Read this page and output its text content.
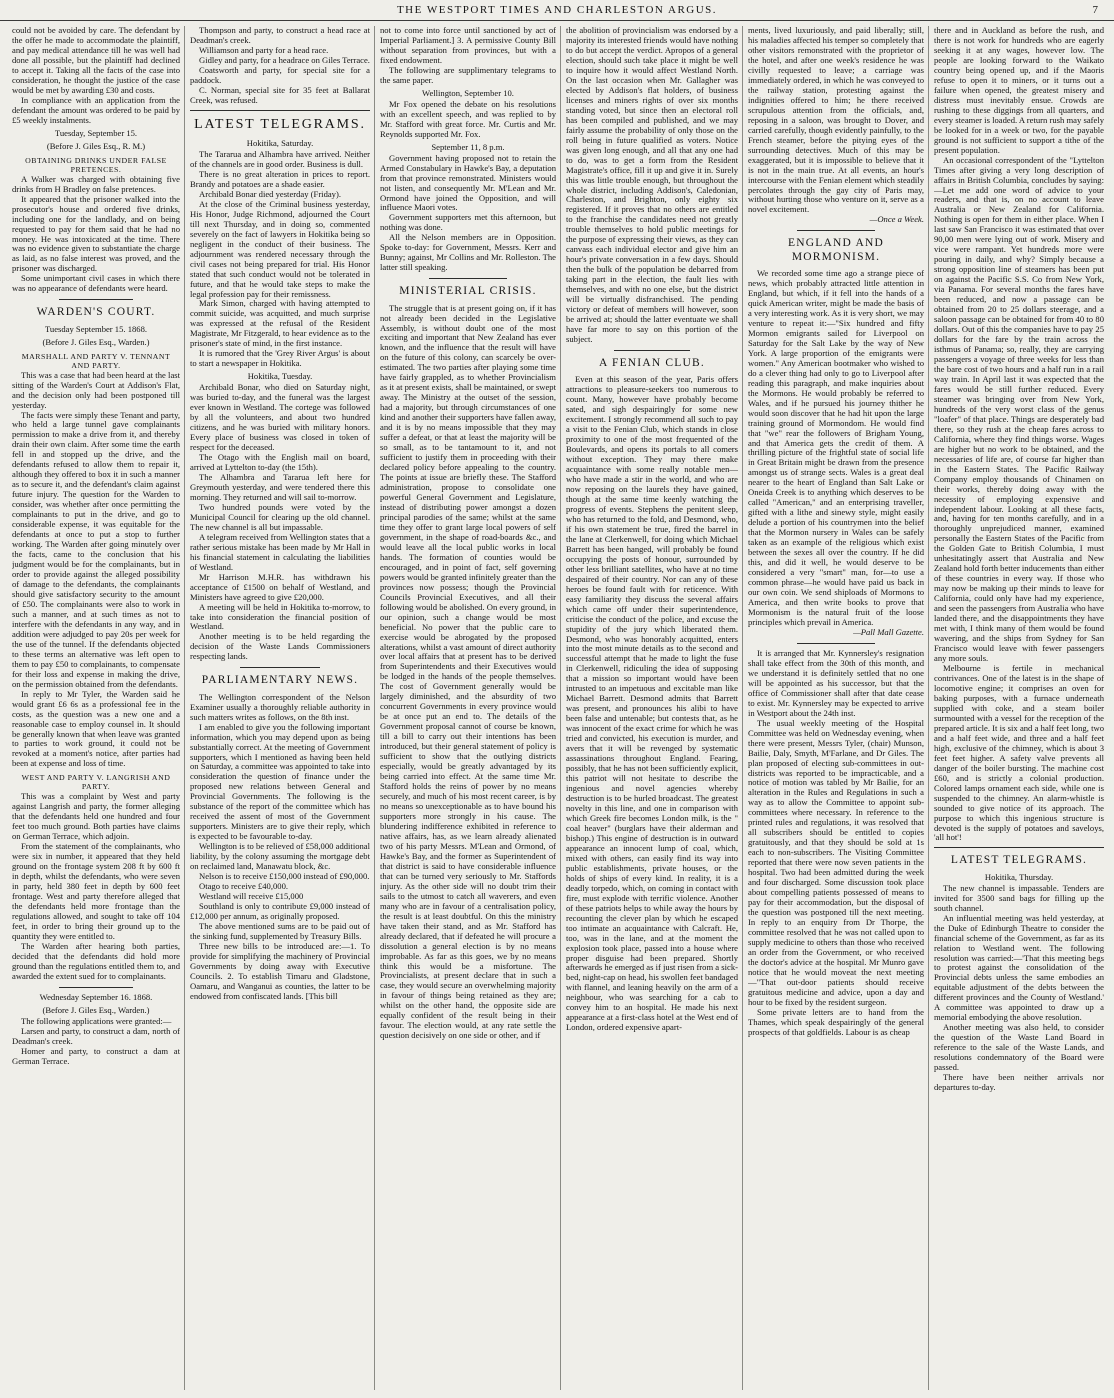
THE WESTPORT TIMES AND CHARLESTON ARGUS.	7

could not be avoided by care. The defendant by the offer he made to accommodate the plaintiff, and pay medical attendance till he was well had done all possible, but the plaintiff had declined to accept it. Taking all the facts of the case into consideration, he thought the justice of the case would be met by awarding £30 and costs.

In compliance with an application from the defendant the amount was ordered to be paid by £5 weekly instalments.

Tuesday, September 15.

(Before J. Giles Esq., R. M.)

OBTAINING DRINKS UNDER FALSE PRETENCES.

A Walker was charged with obtaining five drinks from H Bradley on false pretences.

It appeared that the prisoner walked into the prosecutor's house and ordered five drinks, including one for the landlady, and on being requested to pay for them said that he had no money. He was intoxicated at the time. There was no evidence given to substantiate the charge as laid, as no false interest was proved, and the prisoner was discharged.

Some unimportant civil cases in which there was no appearance of defendants were heard.

WARDEN'S COURT.

Tuesday September 15. 1868.

(Before J. Giles Esq., Warden.)

MARSHALL AND PARTY V. TENNANT AND PARTY.

This was a case that had been heard at the last sitting of the Warden's Court at Addison's Flat, and the decision only had been postponed till yesterday.

The facts were simply these Tenant and party, who held a large tunnel gave complainants permission to make a drive from it, and thereby drain their own claim. After some time the earth fell in and stopped up the drive, and the defendants refused to allow them to repair it, although they offered to box it in such a manner as to secure it, and the defendant's claim against future injury. The question for the Warden to consider, was whether after once permitting the complainants to put in the drive, and go to considerable expense, it was equitable for the defendants at once to put a stop to further working. The Warden after going minutely over the facts, came to the conclusion that his judgment would be for the complainants, but in order to provide against the alleged possibility of damage to the defendants, the complainants should give satisfactory security to the amount of £50. The complainants were also to work in such a manner, and at such times as not to interfere with the defendants in any way, and in addition were adjudged to pay 20s per week for the use of the tunnel. If the defendants objected to these terms an alternative was left open to them to pay £50 to complainants, to compensate for their loss and expense in making the drive, on the permission obtained from the defendants.

In reply to Mr Tyler, the Warden said he would grant £6 6s as a professional fee in the costs, as the question was a new one and a reasonable case to employ counsel in. It should be generally known that when leave was granted to parties to work ground, it could not be revoked at a moment's notice, after parties had been at expense and loss of time.

WEST AND PARTY V. LANGRISH AND PARTY.

This was a complaint by West and party against Langrish and party, the former alleging that the defendants held one hundred and four feet too much ground. Both parties have claims on German Terrace, which adjoin.

From the statement of the complainants, who were six in number, it appeared that they held ground on the frontage system 208 ft by 600 ft in depth, whilst the defendants, who were seven in party, held 380 feet in depth by 600 feet frontage. West and party therefore alleged that the defendants held more frontage than the regulations allowed, and sought to take off 104 feet, in order to bring their ground up to the quantity they were entitled to.

The Warden after hearing both parties, decided that the defendants did hold more ground than the regulations entitled them to, and awarded the extent sued for to complainants.

Wednesday September 16. 1868.

(Before J. Giles Esq., Warden.)

The following applications were granted:—

Larsen and party, to construct a dam, north of Deadman's creek.

Homer and party, to construct a dam at German Terrace.

Thompson and party, to construct a head race at Deadman's creek.

Williamson and party for a head race.

Gidley and party, for a headrace on Giles Terrace.

Coatsworth and party, for special site for a paddock.

C. Norman, special site for 35 feet at Ballarat Creek, was refused.

LATEST TELEGRAMS.

Hokitika, Saturday.

The Tararua and Alhambra have arrived. Neither of the channels are in good order. Business is dull.

There is no great alteration in prices to report. Brandy and potatoes are a shade easier.

Archibald Bonar died yesterday (Friday).

At the close of the Criminal business yesterday, His Honor, Judge Richmond, adjourned the Court till next Thursday, and in doing so, commented severely on the fact of lawyers in Hokitika being so negligent in the conduct of their business. The adjournment was rendered necessary through the civil cases not being prepared for trial. His Honor stated that such conduct would not be tolerated in future, and that he would take steps to make the legal profession pay for their remissness.

Mark Simon, charged with having attempted to commit suicide, was acquitted, and much surprise was expressed at the refusal of the Resident Magistrate, Mr Fitzgerald, to hear evidence as to the prisoner's state of mind, in the first instance.

It is rumored that the 'Grey River Argus' is about to start a newspaper in Hokitika.

Hokitika, Tuesday.

Archibald Bonar, who died on Saturday night, was buried to-day, and the funeral was the largest ever known in Westland. The cortege was followed by all the volunteers, and about two hundred citizens, and he was buried with military honors. Every place of business was closed in token of respect for the deceased.

The Otago with the English mail on board, arrived at Lyttelton to-day (the 15th).

The Alhambra and Tararua left here for Greymouth yesterday, and were tendered there this morning. They returned and will sail to-morrow.

Two hundred pounds were voted by the Municipal Council for clearing up the old channel. The new channel is all but impassable.

A telegram received from Wellington states that a rather serious mistake has been made by Mr Hall in his financial statement in calculating the liabilities of Westland.

Mr Harrison M.H.R. has withdrawn his acceptance of £1500 on behalf of Westland, and Ministers have agreed to give £20,000.

A meeting will be held in Hokitika to-morrow, to take into consideration the financial position of Westland.

Another meeting is to be held regarding the decision of the Waste Lands Commissioners respecting lands.

PARLIAMENTARY NEWS.

The Wellington correspondent of the Nelson Examiner usually a thoroughly reliable authority in such matters writes as follows, on the 8th inst.

I am enabled to give you the following important information, which you may depend upon as being substantially correct. At the meeting of Government supporters, which I mentioned as having been held on Saturday, a committee was appointed to take into consideration the question of finance under the proposed new relations between General and Provincial Governments. The following is the substance of the report of the committee which has received the assent of most of the Government supporters. Ministers are to give their reply, which is expected to be favourable to-day.

Wellington is to be relieved of £58,000 additional liability, by the colony assuming the mortgage debt on reclaimed land, Manawatu block, &c.

Nelson is to receive £150,000 instead of £90,000.

Otago to receive £40,000.

Westland will receive £15,000

Southland is only to contribute £9,000 instead of £12,000 per annum, as originally proposed.

The above mentioned sums are to be paid out of the sinking fund, supplemented by Treasury Bills.

Three new bills to be introduced are:—1. To provide for simplifying the machinery of Provincial Governments by doing away with Executive Councils. 2. To establish Timaru and Gladstone, Oamaru, and Wanganui as counties, the latter to be endowed from confiscated lands. [This bill

not to come into force until sanctioned by act of Imperial Parliament.] 3. A permissive County Bill without separation from provinces, but with a fixed endowment.

The following are supplimentary telegrams to the same paper.

Wellington, September 10.

Mr Fox opened the debate on his resolutions with an excellent speech, and was replied to by Mr. Stafford with great force. Mr. Curtis and Mr. Reynolds supported Mr. Fox.

September 11, 8 p.m.

Government having proposed not to retain the Armed Constabulary in Hawke's Bay, a deputation from that province remonstrated. Ministers would not listen, and consequently Mr. M'Lean and Mr. Ormond have joined the Opposition, and will influence Maori votes.

Government supporters met this afternoon, but nothing was done.

All the Nelson members are in Opposition. Spoke to-day: for Government, Messrs. Kerr and Bunny; against, Mr Collins and Mr. Rolleston. The latter still speaking.

MINISTERIAL CRISIS.

The struggle that is at present going on, if it has not already been decided in the Legislative Assembly, is without doubt one of the most exciting and important that New Zealand has ever known, and the influence that the result will have on the future of this colony, can scarcely be over-estimated. The two parties after playing some time have fairly grappled, as to whether Provincialism as it at present exists, shall be maintained, or swept away. The Ministry at the outset of the session, had a majority, but through circumstances of one kind and another their supporters have fallen away, and it is by no means impossible that they may suffer a defeat, or that at least the majority will be so small, as to be tantamount to it, and not sufficient to justify them in proceeding with their declared policy before appealing to the country. The points at issue are briefly these. The Stafford administration, propose to consolidate one powerful General Government and Legislature, instead of distributing power amongst a dozen principal parodies of the same; whilst at the same time they offer to grant large local powers of self government, in the shape of road-boards &c., and would leave all the local public works in local hands. The formation of counties would be encouraged, and in point of fact, self governing powers would be granted infinitely greater than the provinces now possess; though the Provincial Councils Provincial Executives, and all their following would be abolished. On every ground, in our opinion, such a change would be most beneficial. No power that the public care to exercise would be abrogated by the proposed alterations, whilst a vast amount of direct authority over local affairs that at present has to be derived from Superintendents and their Executives would be lodged in the hands of the people themselves. The cost of Government generally would be largely diminished, and the absurdity of two concurrent Governments in every province would be at once put an end to. The details of the Government proposal cannot of course be known, till a bill to carry out their intentions has been introduced, but their general statement of policy is sufficient to show that the outlying districts especially, would be greatly advantaged by its being carried into effect. At the same time Mr. Stafford holds the reins of power by no means securely, and much of his most recent career, is by no means so unexceptionable as to have bound his supporters more strongly in his cause. The blundering indifference exhibited in reference to native affairs, has, as we learn already alienated two of his party Messrs. M'Lean and Ormond, of Hawke's Bay, and the former as Superintendent of that district is said to have considerable influence that can be turned very seriously to Mr. Staffords injury. As the other side will no doubt trim their sails to the utmost to catch all waverers, and even many who are in favour of a centralisation policy, the result is at least doubtful. On this the ministry have taken their stand, and as Mr. Stafford has already declared, that if defeated he will procure a dissolution a general election is by no means improbable. As far as this goes, we by no means think this would be a misfortune. The Provincialists, at present declare that in such a case, they would secure an overwhelming majority in favour of things being retained as they are; whilst on the other hand, the opposite side are equally confident of the result being in their favour. The election would, at any rate settle the question decisively on one side or other, and if

the abolition of provincialism was endorsed by a majority its interested friends would have nothing to do but accept the verdict. Apropos of a general election, should such take place it might be well to inquire how it would affect Westland North. On the last occasion when Mr. Gallagher was elected by Addison's flat holders, of business licenses and miners rights of over six months standing voted, but since then an electoral roll has been compiled and published, and we may fairly assume the probability of only those on the roll being in future qualified as voters. Notice was given long enough, and all that any one had to do, was to get a form from the Resident Magistrate's office, fill it up and give it in. Surely this was little trouble enough, but throughout the whole district, including Addison's, Caledonian, Charleston, and Brighton, only eighty six registered. If it proves that no others are entitled to the franchise the candidates need not greatly trouble themselves to hold public meetings for the purpose of expressing their views, as they can canvass each individual elector and give him an hour's private conversation in a few days. Should then the bulk of the population be debarred from taking part in the election, the fault lies with themselves, and with no one else, but the district will be virtually disfranchised. The pending victory or defeat of members will however, soon be arrived at; should the latter eventuate we shall have far more to say on this portion of the subject.

A FENIAN CLUB.

Even at this season of the year, Paris offers attractions to pleasure-seekers too numerous to count. Many, however have probably become sated, and sigh despairingly for some new excitement. I strongly recommend all such to pay a visit to the Fenian Club, which stands in close proximity to one of the most frequented of the Boulevards, and opens its portals to all comers without exception. They may there make acquaintance with some really notable men—who have made a stir in the world, and who are now reposing on the laurels they have gained, though at the same time keenly watching the progress of events. Stephens the penitent sleep, who has returned to the fold, and Desmond, who, if his own statement be true, fired the barrel in the lane at Clerkenwell, for doing which Michael Barrett has been hanged, will probably be found occupying the posts of honour, surrounded by other less brilliant satellites, who have at no time despaired of their country. Nor can any of these heroes be found fault with for reticence. With easy familiarity they discuss the several affairs which came off under their superintendence, criticise the conduct of the police, and excuse the stupidity of the jury which liberated them. Desmond, who was honorably acquitted, enters into the most minute details as to the second and successful attempt that he made to light the fuse in Clerkenwell, ridiculing the idea of supposing that a mission so important would have been intrusted to an impetuous and excitable man like Michael Barrett. Desmond admits that Barrett was present, and pronounces his alibi to have been false and untenable; but contests that, as he was innocent of the exact crime for which he was tried and convicted, his execution is murder, and avers that it will be revenged by systematic assassinations throughout England. Fearing, possibly, that he has not been sufficiently explicit, this patriot will not hesitate to describe the ingenious and novel agencies whereby destruction is to be hurled broadcast. The greatest novelty in this line, and one in comparison with which Greek fire becomes London milk, is the " coal heaver" (burglars have their alderman and bishop.) This engine of destruction is in outward appearance an innocent lump of coal, which, mixed with others, can easily find its way into public establishments, private houses, or the holds of ships of every kind. In reality, it is a deadly torpedo, which, on coming in contact with fire, must explode with terrific violence. Another of these patriots helps to while away the hours by recounting the clever plan by which he escaped too intimate an acquaintance with Calcraft. He, too, was in the lane, and at the moment the explosion took place, passed into a house where proper disguise had been prepared. Shortly afterwards he emerged as if just risen from a sick-bed, night-cap on head, his swollen feet bandaged with flannel, and leaning heavily on the arm of a neighbour, who was searching for a cab to convey him to an hospital. He made his next appearance at a first-class hotel at the West end of London, ordered expensive apart-

ments, lived luxuriously, and paid liberally; still, his maladies affected his temper so completely that other visitors remonstrated with the proprietor of the hotel, and after one week's residence he was civilly requested to leave; a carriage was immediately ordered, in which he was conveyed to the railway station, protesting against the indignities offered to him; he there received scrupulous attention from the officials, and, reposing in a saloon, was brought to Dover, and carried carefully, though evidently painfully, to the French steamer, before the pitying eyes of the surrounding detectives. Much of this may be exaggerated, but it is impossible to believe that it is not in the main true. At all events, an hour's intercourse with the Fenian element which steadily percolates through the gay city of Paris may, without hurting those who venture on it, serve as a novel excitement.

—Once a Week.

ENGLAND AND MORMONISM.

We recorded some time ago a strange piece of news, which probably attracted little attention in England, but which, if it fell into the hands of a quick American writer, might be made the basis of a very interesting work. As it is very short, we may venture to repeat it:—"Six hundred and fifty Mormon emigrants sailed for Liverpool on Saturday for the Salt Lake by the way of New York. A large proportion of the emigrants were women." Any American bootmaker who wished to do a clever thing had only to go to Liverpool after reading this paragraph, and make inquiries about the Mormons. He would probably be referred to Wales, and if he pursued his journey thither he would soon discover that he had hit upon the large training ground of Mormondom. He would find that "we" rear the followers of Brigham Young, and that America gets the credit of them. A thrilling picture of the frightful state of social life in Great Britain might be drawn from the presence amongst us of strange sects. Wales is a great deal nearer to the heart of England than Salt Lake or Oneida Creek is to anything which deserves to be called "American," and an enterprising traveller, gifted with a lithe and sinewy style, might easily delude a portion of his countrymen into the belief that the Mormon nursery in Wales can be safely taken as an example of the religious which exist between the sexes all over the country. If he did this, and did it well, he would deserve to be considered a very "smart" man, for—to use a common phrase—he would have paid us back in our own coin. We send shiploads of Mormons to America, and then write books to prove that Mormonism is the natural fruit of the loose principles which prevail in America.

—Pall Mall Gazette.

It is arranged that Mr. Kynnersley's resignation shall take effect from the 30th of this month, and we understand it is definitely settled that no one will be appointed as his successor, but that the office of Commissioner shall after that date cease to exist. Mr. Kynnersley may be expected to arrive in Westport about the 24th inst.

The usual weekly meeting of the Hospital Committee was held on Wednesday evening, when there were present, Messrs Tyler, (chair) Munson, Bailie, Daly, Smyth, M'Farlane, and Dr Giles. The plan proposed of electing sub-committees in out-districts was reported to be impracticable, and a notice of motion was tabled by Mr Bailie, for an alteration in the Rules and Regulations in such a way as to allow the Committee to appoint sub-committees where necessary. In reference to the printed rules and regulations, it was resolved that all subscribers should be entitled to copies gratuitously, and that they should be sold at 1s each to non-subscribers. The Visiting Committee reported that there were now seven patients in the hospital. Two had been admitted during the week and four discharged. Some discussion took place about compelling patients possessed of means to pay for their accommodation, but the disposal of the question was postponed till the next meeting. In reply to an enquiry from Dr Thorpe, the committee resolved that he was not called upon to supply medicine to others than those who received an order from the Government, or who received the doctor's advice at the hospital. Mr Munro gave notice that he would moveat the next meeting—"That out-door patients should receive gratuitous medicine and advice, upon a day and hour to be fixed by the resident surgeon.

Some private letters are to hand from the Thames, which speak despairingly of the general prospects of that goldfields. Labour is as cheap

there and in Auckland as before the rush, and there is not work for hundreds who are eagerly seeking it at any wages, however low. The people are looking forward to the Waikato country being opened up, and if the Maoris refuse to open it to miners, or it turns out a failure when opened, the greatest misery and distress must inevitably ensue. Crowds are rushing to these diggings from all quarters, and every steamer is loaded. A return rush may safely be looked for in a week or two, for the payable ground is not sufficient to support a tithe of the present population.

An occasional correspondent of the "Lyttelton Times after giving a very long description of affairs in British Columbia, concludes by saying:—Let me add one word of advice to your readers, and that is, on no account to leave Australia or New Zealand for California. Nothing is open for them in either place. When I last saw San Francisco it was estimated that over 90,00 men were lying out of work. Misery and vice were rampant. Yet hundreds more were pouring in daily, and why? Simply because a strong opposition line of steamers has been put on against the Pacific S.S. Co from New York, via Panama. For several months the fares have been reduced, and now a passage can be obtained from 20 to 25 dollars steerage, and a saloon passage can be obtained for from 40 to 80 dollars. Out of this the companies have to pay 25 dollars for the fare by the train across the isthmus of Panama; so, really, they are carrying passengers a voyage of three weeks for less than the bare cost of two hours and a half run in a rail way train. In April last it was expected that the fares would be still further reduced. Every steamer was bringing over from New York, hundreds of the very worst class of the genus "loafer" of that place. Things are desperately bad there, so they rush at the cheap fares across to California, where they find things worse. Wages are higher but no work to be obtained, and the necessaries of life are, of course far higher than in the Eastern States. The Pacific Railway Company employ thousands of Chinamen on their works, thereby doing away with the necessity of employing expensive and independent labour. Looking at all these facts, and, having for ten months carefully, and in a thoroughly unprejudiced manner, examined personally the Eastern States of the Pacific from the Golden Gate to British Columbia, I must unhesitatingly assert that Australia and New Zealand hold forth better inducements than either of these countries in every way. If those who may now be making up their minds to leave for California, could only have had my experience, and seen the passengers from Australia who have landed there, and the disappointments they have met with, I think many of them would be found wavering, and the ships from Sydney for San Francisco would leave with fewer passengers any more souls.

Melbourne is fertile in mechanical contrivances. One of the latest is in the shape of locomotive engine; it comprises an oven for baking purposes, with a furnace underneath supplied with coke, and a steam boiler surmounted with a vessel for the reception of the prepared article. It is six and a half feet long, two and a half feet wide, and three and a half feet high, exclusive of the chimney, which is about 3 feet feet higher. A safety valve prevents all danger of the boiler bursting. The machine cost £60, and is strictly a colonial production. Colored lamps ornament each side, while one is suspended to the chimney. An alarm-whistle is sounded to give notice of its approach. The purpose to which this ingenious structure is devoted is the supply of potatoes and saveloys, 'all hot'!

LATEST TELEGRAMS.

Hokitika, Thursday.

The new channel is impassable. Tenders are invited for 3500 sand bags for filling up the south channel.

An influential meeting was held yesterday, at the Duke of Edinburgh Theatre to consider the financial scheme of the Government, as far as its relation to Westland went. The following resolution was carried:—'That this meeting begs to protest against the consolidation of the Provincial debts unless the same embodies an equitable adjustment of the debts between the different provinces and the County of Westland.' A committee was appointed to draw up a memorial embodying the above resolution.

Another meeting was also held, to consider the question of the Waste Land Board in reference to the sale of the Waste Lands, and resolutions condemnatory of the Board were passed.

There have been neither arrivals nor departures to-day.
